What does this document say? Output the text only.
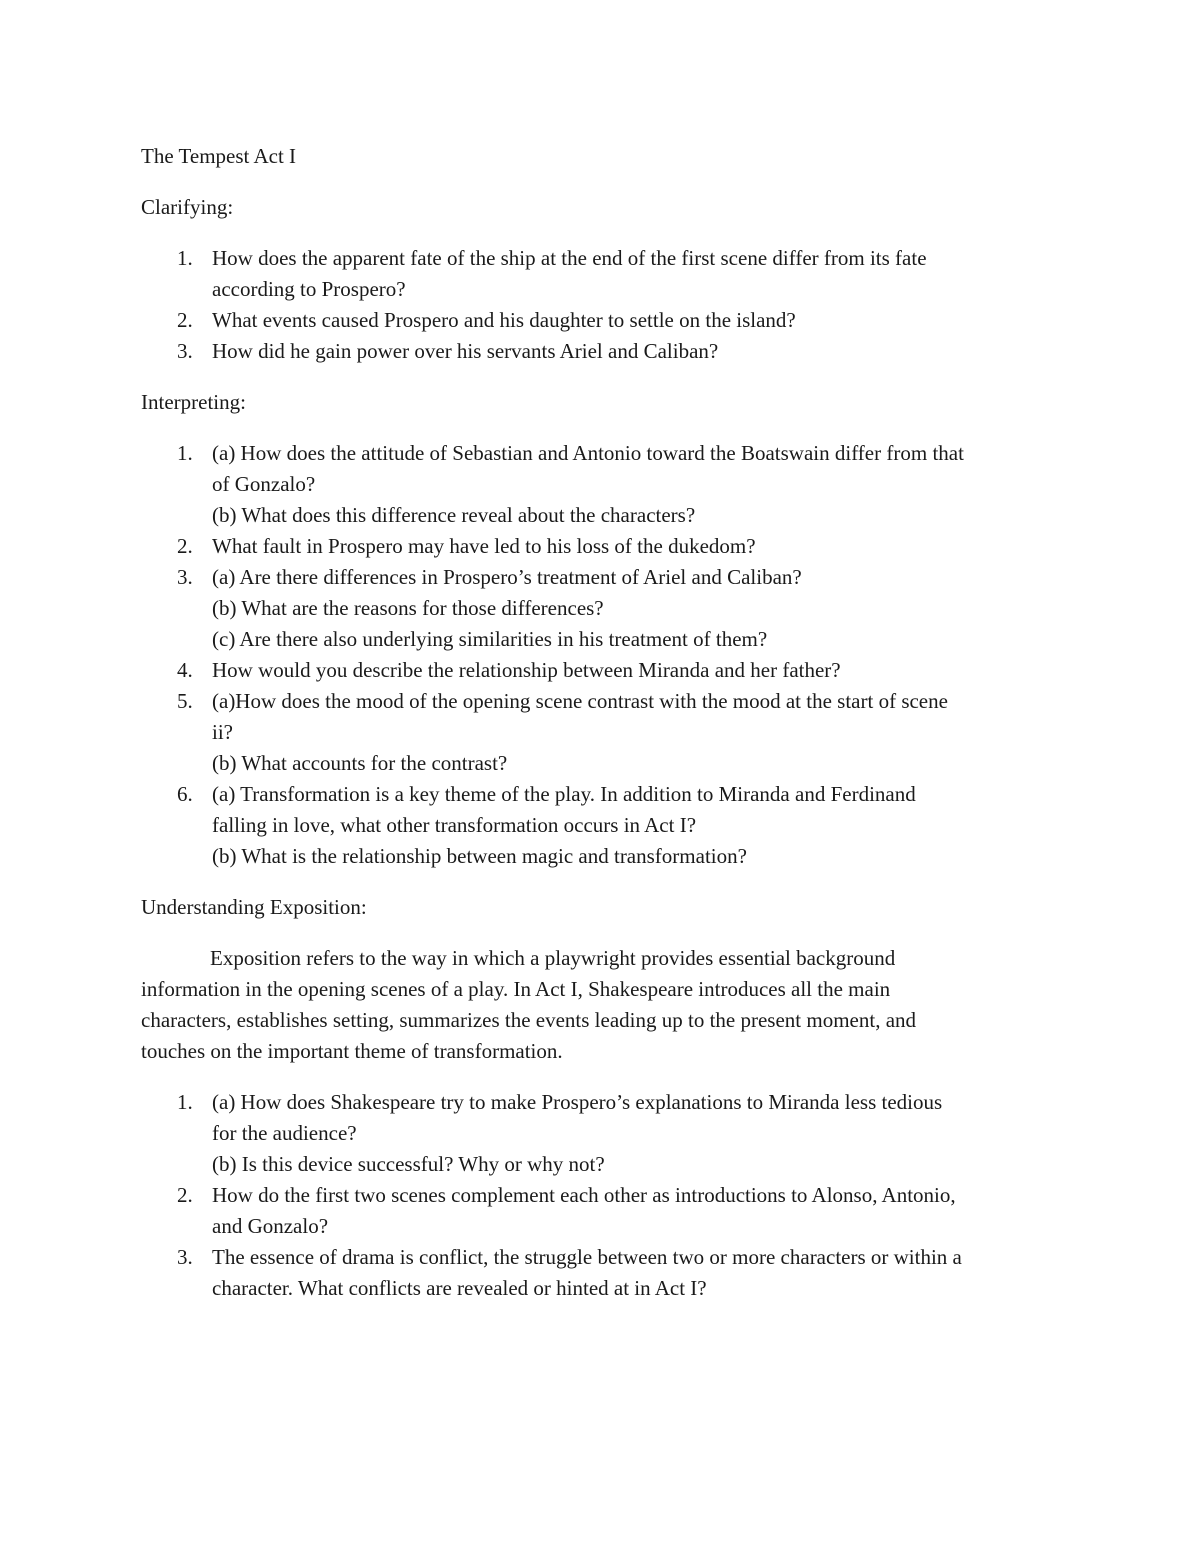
The Tempest Act I
Clarifying:
1. How does the apparent fate of the ship at the end of the first scene differ from its fate
according to Prospero?
2. What events caused Prospero and his daughter to settle on the island?
3. How did he gain power over his servants Ariel and Caliban?
Interpreting:
1. (a) How does the attitude of Sebastian and Antonio toward the Boatswain differ from that
of Gonzalo?
(b) What does this difference reveal about the characters?
2. What fault in Prospero may have led to his loss of the dukedom?
3. (a) Are there differences in Prospero’s treatment of Ariel and Caliban?
(b) What are the reasons for those differences?
(c) Are there also underlying similarities in his treatment of them?
4. How would you describe the relationship between Miranda and her father?
5. (a)How does the mood of the opening scene contrast with the mood at the start of scene
ii?
(b) What accounts for the contrast?
6. (a) Transformation is a key theme of the play. In addition to Miranda and Ferdinand
falling in love, what other transformation occurs in Act I?
(b) What is the relationship between magic and transformation?
Understanding Exposition:

Exposition refers to the way in which a playwright provides essential background
information in the opening scenes of a play. In Act I, Shakespeare introduces all the main
characters, establishes setting, summarizes the events leading up to the present moment, and
touches on the important theme of transformation.

1. (a) How does Shakespeare try to make Prospero’s explanations to Miranda less tedious
for the audience?
(b) Is this device successful? Why or why not?
2. How do the first two scenes complement each other as introductions to Alonso, Antonio,
and Gonzalo?
3. The essence of drama is conflict, the struggle between two or more characters or within a
character. What conflicts are revealed or hinted at in Act I?
